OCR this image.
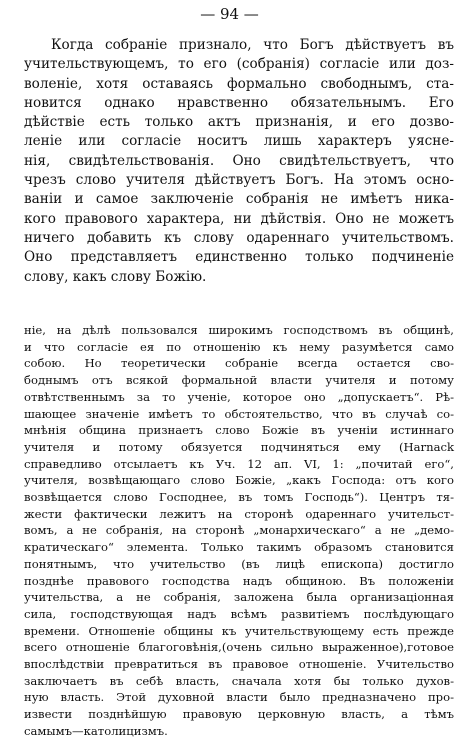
— 94 —

Когда собраніе признало, что Богъ дѣйствуетъ въ
учительствующемъ, то его (собранія) согласіе или доз-
воленіе, хотя оставаясь формально свободнымъ, ста-
новится однако нравственно обязательнымъ. Его
дѣйствіе есть только актъ признанія, и его дозво-
леніе или согласіе носитъ лишь характеръ уясне-
нія, свидѣтельствованія. Оно свидѣтельствуетъ, что
чрезъ слово учителя дѣйствуетъ Богъ. На этомъ осно-
ваніи и самое заключеніе собранія не имѣетъ ника-
кого правового характера, ни дѣйствія. Оно не можетъ
ничего добавить къ слову одареннаго учительствомъ.
Оно представляетъ единственно только подчиненіе
слову, какъ слову Божію.

ніе, на дѣлѣ пользовался широкимъ господствомъ въ общинѣ,
и что согласіе ея по отношенію къ нему разумѣется само
собою. Но теоретически собраніе всегда остается сво-
боднымъ отъ всякой формальной власти учителя и потому
отвѣтственнымъ за то ученіе, которое оно „допускаетъ“. Рѣ-
шающее значеніе имѣетъ то обстоятельство, что въ случаѣ со-
мнѣнія община признаетъ слово Божіе въ ученіи истиннаго
учителя и потому обязуется подчиняться ему (Harnack
справедливо отсылаетъ къ Уч. 12 ап. VI, 1: „почитай его“,
учителя, возвѣщающаго слово Божіе, „какъ Господа: отъ кого
возвѣщается слово Господнее, въ томъ Господь“). Центръ тя-
жести фактически лежитъ на сторонѣ одареннаго учительст-
вомъ, а не собранія, на сторонѣ „монархическаго“ а не „демо-
кратическаго“ элемента. Только такимъ образомъ становится
понятнымъ, что учительство (въ лицѣ епископа) достигло
позднѣе правового господства надъ общиною. Въ положеніи
учительства, а не собранія, заложена была организаціонная
сила, господствующая надъ всѣмъ развитіемъ послѣдующаго
времени. Отношеніе общины къ учительствующему есть прежде
всего отношеніе благоговѣнія,(очень сильно выраженное),готовое
впослѣдствіи превратиться въ правовое отношеніе. Учительство
заключаетъ въ себѣ власть, сначала хотя бы только духов-
ную власть. Этой духовной власти было предназначено про-
извести позднѣйшую правовую церковную власть, а тѣмъ
самымъ—католицизмъ.
